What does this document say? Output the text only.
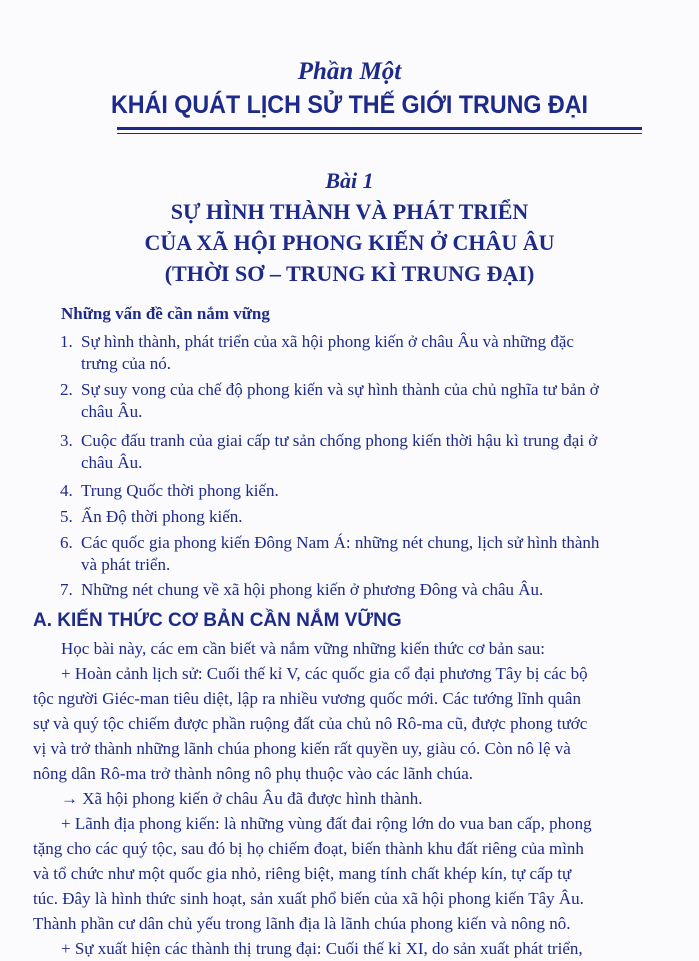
Phần Một
KHÁI QUÁT LỊCH SỬ THẾ GIỚI TRUNG ĐẠI
Bài 1
SỰ HÌNH THÀNH VÀ PHÁT TRIỂN
CỦA XÃ HỘI PHONG KIẾN Ở CHÂU ÂU
(THỜI SƠ – TRUNG KÌ TRUNG ĐẠI)
Những vấn đề cần nắm vững
1. Sự hình thành, phát triển của xã hội phong kiến ở châu Âu và những đặc
trưng của nó.
2. Sự suy vong của chế độ phong kiến và sự hình thành của chủ nghĩa tư bản ở
châu Âu.
3. Cuộc đấu tranh của giai cấp tư sản chống phong kiến thời hậu kì trung đại ở
châu Âu.
4. Trung Quốc thời phong kiến.
5. Ấn Độ thời phong kiến.
6. Các quốc gia phong kiến Đông Nam Á: những nét chung, lịch sử hình thành
và phát triển.
7. Những nét chung về xã hội phong kiến ở phương Đông và châu Âu.
A. KIẾN THỨC CƠ BẢN CẦN NẮM VỮNG
Học bài này, các em cần biết và nắm vững những kiến thức cơ bản sau:
+ Hoàn cảnh lịch sử: Cuối thế kỉ V, các quốc gia cổ đại phương Tây bị các bộ
tộc người Giéc-man tiêu diệt, lập ra nhiều vương quốc mới. Các tướng lĩnh quân
sự và quý tộc chiếm được phần ruộng đất của chủ nô Rô-ma cũ, được phong tước
vị và trở thành những lãnh chúa phong kiến rất quyền uy, giàu có. Còn nô lệ và
nông dân Rô-ma trở thành nông nô phụ thuộc vào các lãnh chúa.
→ Xã hội phong kiến ở châu Âu đã được hình thành.
+ Lãnh địa phong kiến: là những vùng đất đai rộng lớn do vua ban cấp, phong
tặng cho các quý tộc, sau đó bị họ chiếm đoạt, biến thành khu đất riêng của mình
và tổ chức như một quốc gia nhỏ, riêng biệt, mang tính chất khép kín, tự cấp tự
túc. Đây là hình thức sinh hoạt, sản xuất phổ biến của xã hội phong kiến Tây Âu.
Thành phần cư dân chủ yếu trong lãnh địa là lãnh chúa phong kiến và nông nô.
+ Sự xuất hiện các thành thị trung đại: Cuối thế kỉ XI, do sản xuất phát triển,
